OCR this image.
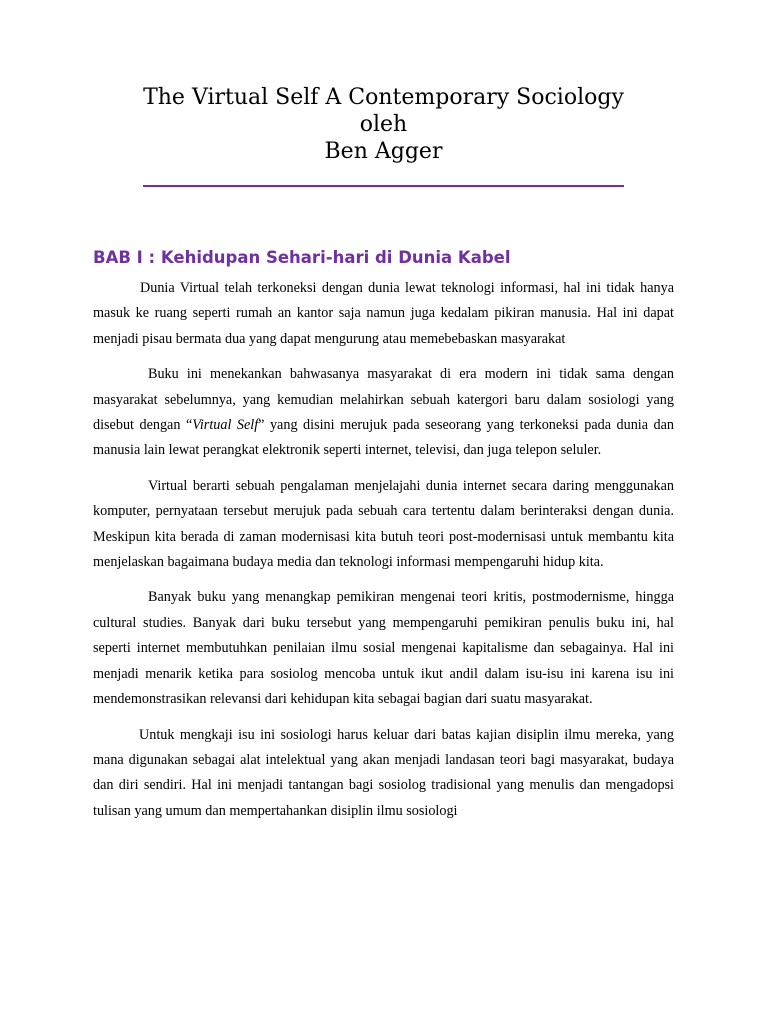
The Virtual Self A Contemporary Sociology
oleh
Ben Agger
BAB I : Kehidupan Sehari-hari di Dunia Kabel

Dunia Virtual telah terkoneksi dengan dunia lewat teknologi informasi, hal ini tidak hanya masuk ke ruang seperti rumah an kantor saja namun juga kedalam pikiran manusia. Hal ini dapat menjadi pisau bermata dua yang dapat mengurung atau memebebaskan masyarakat

Buku ini menekankan bahwasanya masyarakat di era modern ini tidak sama dengan masyarakat sebelumnya, yang kemudian melahirkan sebuah katergori baru dalam sosiologi yang disebut dengan “Virtual Self” yang disini merujuk pada seseorang yang terkoneksi pada dunia dan manusia lain lewat perangkat elektronik seperti internet, televisi, dan juga telepon seluler.

Virtual berarti sebuah pengalaman menjelajahi dunia internet secara daring menggunakan komputer, pernyataan tersebut merujuk pada sebuah cara tertentu dalam berinteraksi dengan dunia. Meskipun kita berada di zaman modernisasi kita butuh teori post-modernisasi untuk membantu kita menjelaskan bagaimana budaya media dan teknologi informasi mempengaruhi hidup kita.

Banyak buku yang menangkap pemikiran mengenai teori kritis, postmodernisme, hingga cultural studies. Banyak dari buku tersebut yang mempengaruhi pemikiran penulis buku ini, hal seperti internet membutuhkan penilaian ilmu sosial mengenai kapitalisme dan sebagainya. Hal ini menjadi menarik ketika para sosiolog mencoba untuk ikut andil dalam isu-isu ini karena isu ini mendemonstrasikan relevansi dari kehidupan kita sebagai bagian dari suatu masyarakat.

Untuk mengkaji isu ini sosiologi harus keluar dari batas kajian disiplin ilmu mereka, yang mana digunakan sebagai alat intelektual yang akan menjadi landasan teori bagi masyarakat, budaya dan diri sendiri. Hal ini menjadi tantangan bagi sosiolog tradisional yang menulis dan mengadopsi tulisan yang umum dan mempertahankan disiplin ilmu sosiologi
